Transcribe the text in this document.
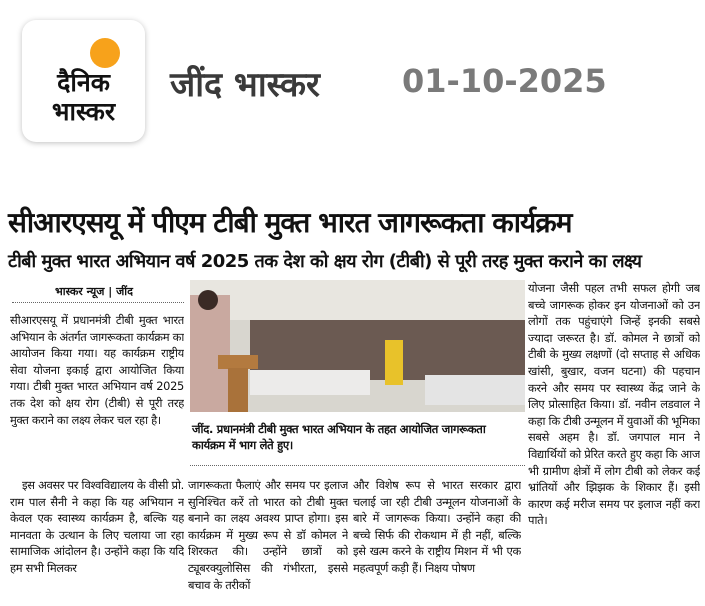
दैनिक
भास्कर
जींद भास्कर	01-10-2025
सीआरएसयू में पीएम टीबी मुक्त भारत जागरूकता कार्यक्रम
टीबी मुक्त भारत अभियान वर्ष 2025 तक देश को क्षय रोग (टीबी) से पूरी तरह मुक्त कराने का लक्ष्य
भास्कर न्यूज | जींद
सीआरएसयू में प्रधानमंत्री टीबी मुक्त भारत अभियान के अंतर्गत जागरूकता कार्यक्रम का आयोजन किया गया। यह कार्यक्रम राष्ट्रीय सेवा योजना इकाई द्वारा आयोजित किया गया। टीबी मुक्त भारत अभियान वर्ष 2025 तक देश को क्षय रोग (टीबी) से पूरी तरह मुक्त कराने का लक्ष्य लेकर चल रहा है।
इस अवसर पर विश्वविद्यालय के वीसी प्रो. राम पाल सैनी ने कहा कि यह अभियान न केवल एक स्वास्थ्य कार्यक्रम है, बल्कि यह मानवता के उत्थान के लिए चलाया जा रहा सामाजिक आंदोलन है। उन्होंने कहा कि यदि हम सभी मिलकर
जागरूकता फैलाएं और समय पर इलाज सुनिश्चित करें तो भारत को टीबी मुक्त बनाने का लक्ष्य अवश्य प्राप्त होगा। इस कार्यक्रम में मुख्य रूप से डॉ कोमल ने शिरकत की। उन्होंने छात्रों को ट्यूबरक्युलोसिस की गंभीरता, इससे बचाव के तरीकों
और विशेष रूप से भारत सरकार द्वारा चलाई जा रही टीबी उन्मूलन योजनाओं के बारे में जागरूक किया। उन्होंने कहा की बच्चे सिर्फ की रोकथाम में ही नहीं, बल्कि इसे खत्म करने के राष्ट्रीय मिशन में भी एक महत्वपूर्ण कड़ी हैं। निक्षय पोषण
योजना जैसी पहल तभी सफल होगी जब बच्चे जागरूक होकर इन योजनाओं को उन लोगों तक पहुंचाएंगे जिन्हें इनकी सबसे ज्यादा जरूरत है। डॉ. कोमल ने छात्रों को टीबी के मुख्य लक्षणों (दो सप्ताह से अधिक खांसी, बुखार, वजन घटना) की पहचान करने और समय पर स्वास्थ्य केंद्र जाने के लिए प्रोत्साहित किया। डॉ. नवीन लडवाल ने कहा कि टीबी उन्मूलन में युवाओं की भूमिका सबसे अहम है। डॉ. जगपाल मान ने विद्यार्थियों को प्रेरित करते हुए कहा कि आज भी ग्रामीण क्षेत्रों में लोग टीबी को लेकर कई भ्रांतियों और झिझक के शिकार हैं। इसी कारण कई मरीज समय पर इलाज नहीं करा पाते।
जींद. प्रधानमंत्री टीबी मुक्त भारत अभियान के तहत आयोजित जागरूकता कार्यक्रम में भाग लेते हुए।
